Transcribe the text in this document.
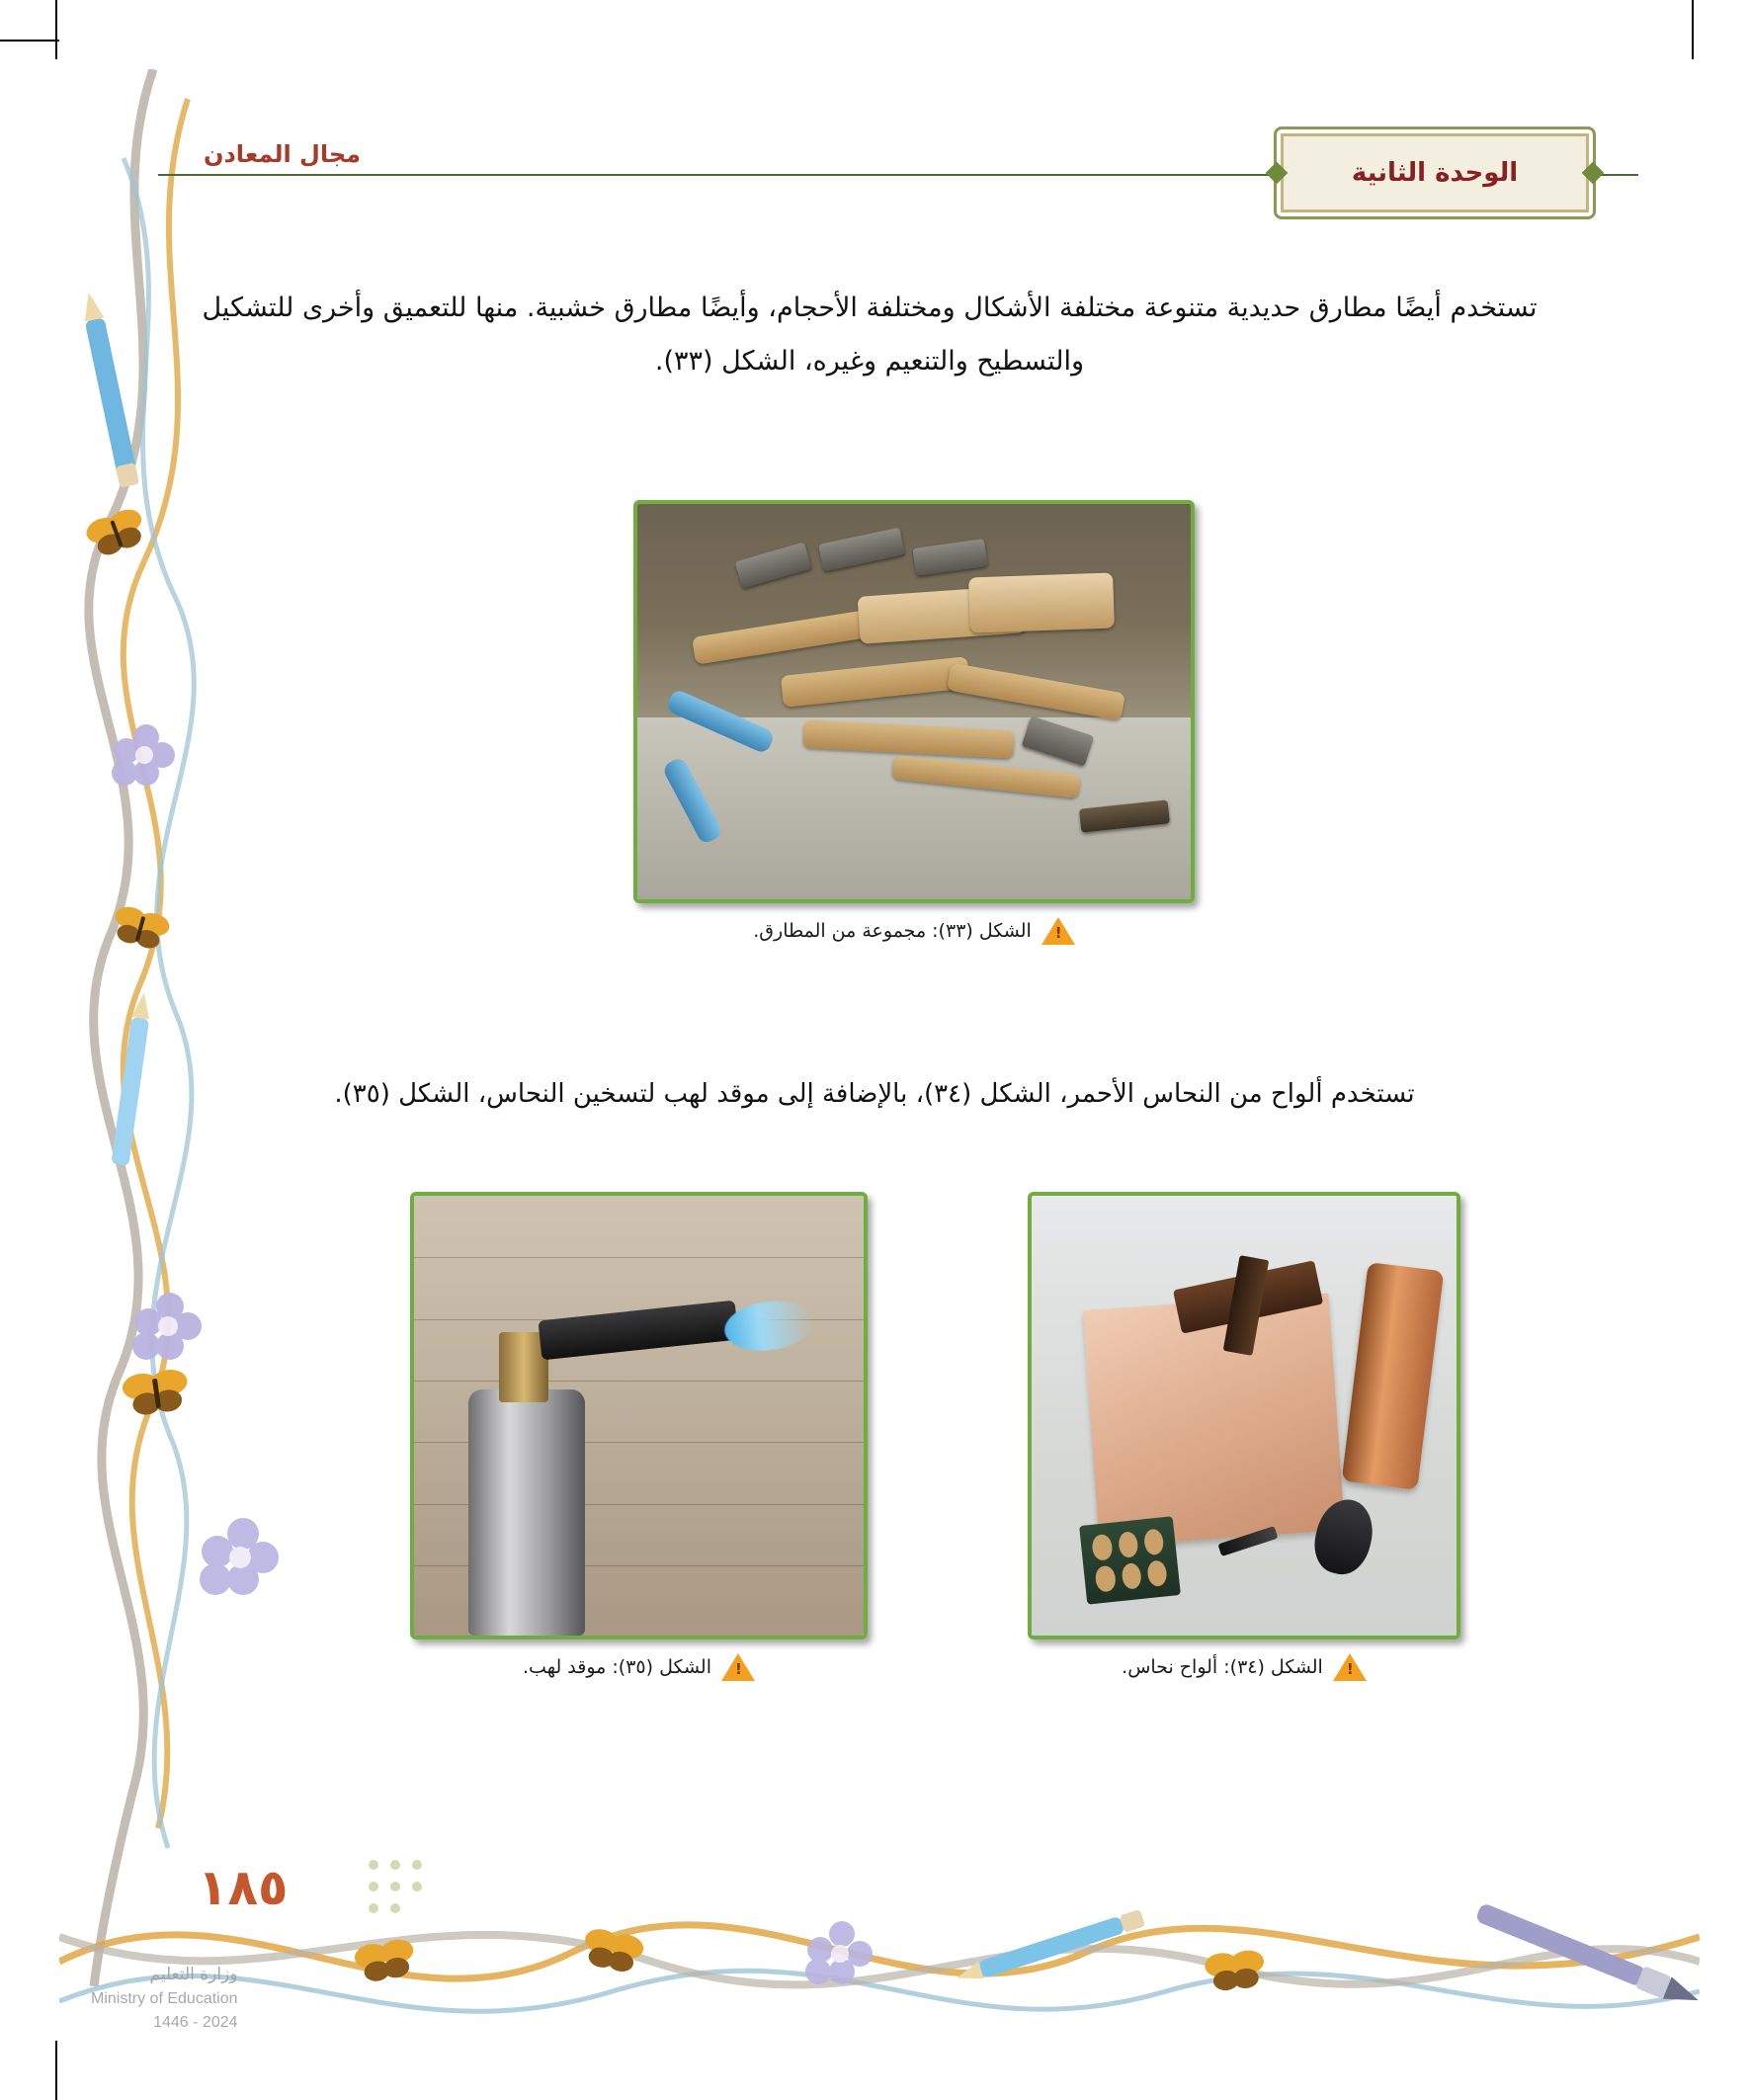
الوحدة الثانية
مجال المعادن

تستخدم أيضًا مطارق حديدية متنوعة مختلفة الأشكال ومختلفة الأحجام، وأيضًا مطارق خشبية. منها للتعميق وأخرى للتشكيل والتسطيح والتنعيم وغيره، الشكل (٣٣).

تستخدم ألواح من النحاس الأحمر، الشكل (٣٤)، بالإضافة إلى موقد لهب لتسخين النحاس، الشكل (٣٥).

!
الشكل (٣٣): مجموعة من المطارق.
!
الشكل (٣٥): موقد لهب. !	الشكل (٣٤): ألواح نحاس.
١٨٥
وزارة التعليم
Ministry of Education
2024 - 1446
